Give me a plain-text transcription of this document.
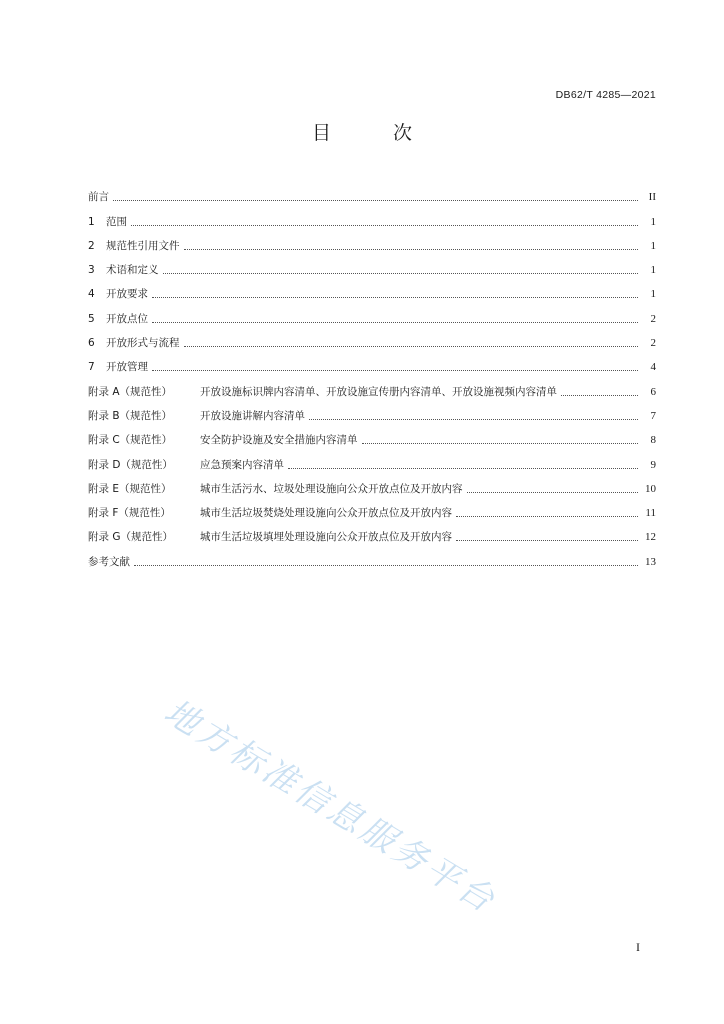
DB62/T 4285—2021
目 次
前言	II
1	范围	1
2	规范性引用文件	1
3	术语和定义	1
4	开放要求	1
5	开放点位	2
6	开放形式与流程	2
7	开放管理	4
附录 A（规范性）	开放设施标识牌内容清单、开放设施宣传册内容清单、开放设施视频内容清单	6
附录 B（规范性）	开放设施讲解内容清单	7
附录 C（规范性）	安全防护设施及安全措施内容清单	8
附录 D（规范性）	应急预案内容清单	9
附录 E（规范性）	城市生活污水、垃圾处理设施向公众开放点位及开放内容	10
附录 F（规范性）	城市生活垃圾焚烧处理设施向公众开放点位及开放内容	11
附录 G（规范性）	城市生活垃圾填埋处理设施向公众开放点位及开放内容	12
参考文献	13
地方标准信息服务平台
I
